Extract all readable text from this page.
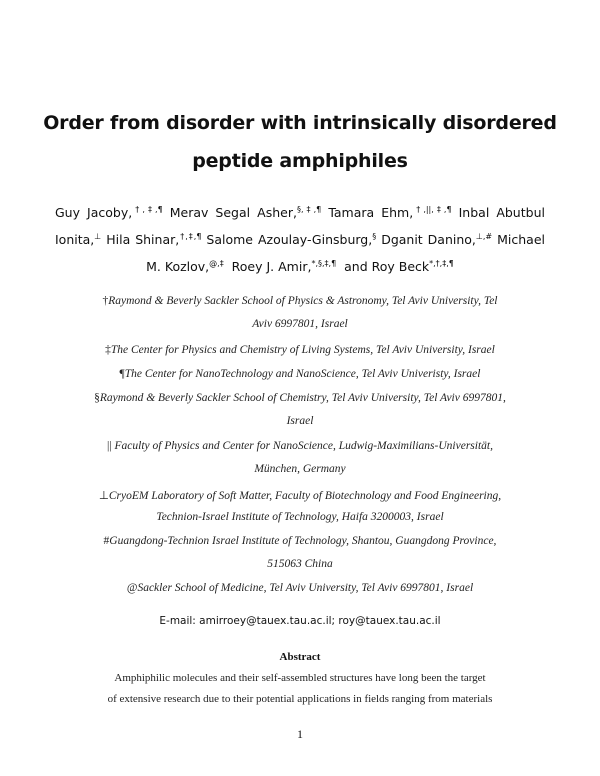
Order from disorder with intrinsically disordered
peptide amphiphiles
Guy Jacoby,†,‡,¶ Merav Segal Asher,§,‡,¶ Tamara Ehm,†,||,‡,¶ Inbal Abutbul
Ionita,⊥ Hila Shinar,†,‡,¶ Salome Azoulay-Ginsburg,§ Dganit Danino,⊥,# Michael
M. Kozlov,@,‡ Roey J. Amir,*,§,‡,¶ and Roy Beck*,†,‡,¶
†Raymond & Beverly Sackler School of Physics & Astronomy, Tel Aviv University, Tel
Aviv 6997801, Israel
‡The Center for Physics and Chemistry of Living Systems, Tel Aviv University, Israel
¶The Center for NanoTechnology and NanoScience, Tel Aviv Univeristy, Israel
§Raymond & Beverly Sackler School of Chemistry, Tel Aviv University, Tel Aviv 6997801,
Israel
|| Faculty of Physics and Center for NanoScience, Ludwig-Maximilians-Universität,
München, Germany
⊥CryoEM Laboratory of Soft Matter, Faculty of Biotechnology and Food Engineering,
Technion-Israel Institute of Technology, Haifa 3200003, Israel
#Guangdong-Technion Israel Institute of Technology, Shantou, Guangdong Province,
515063 China
@Sackler School of Medicine, Tel Aviv University, Tel Aviv 6997801, Israel
E-mail: amirroey@tauex.tau.ac.il; roy@tauex.tau.ac.il
Abstract
Amphiphilic molecules and their self-assembled structures have long been the target
of extensive research due to their potential applications in fields ranging from materials
1
